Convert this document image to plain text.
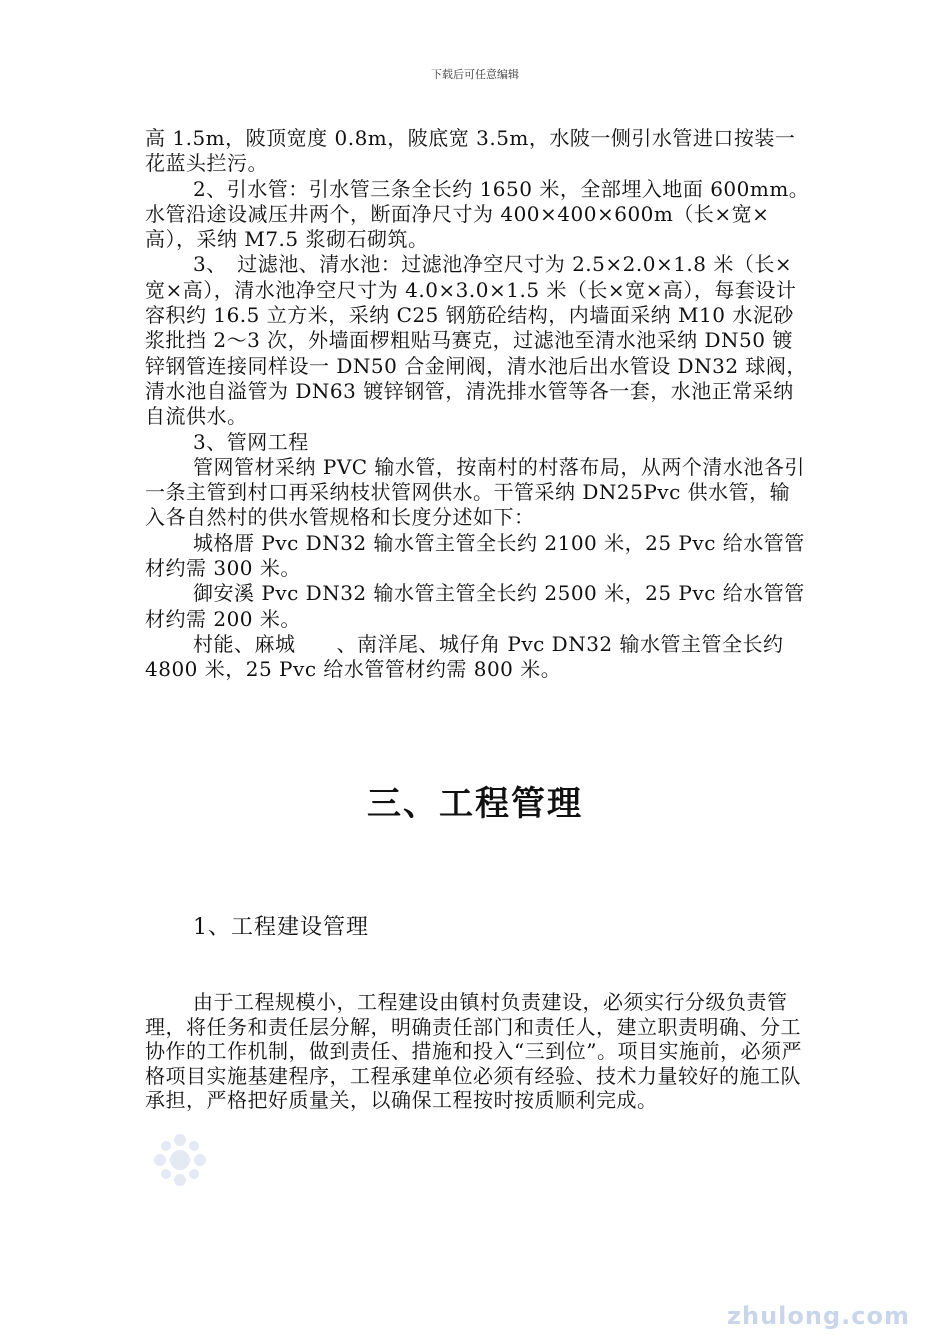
下载后可任意编辑

高 1.5m，陂顶宽度 0.8m，陂底宽 3.5m，水陂一侧引水管进口按装一花蓝头拦污。

2、引水管：引水管三条全长约 1650 米，全部埋入地面 600mm。

水管沿途设减压井两个，断面净尺寸为 400×400×600m（长×宽×高），采纳 M7.5 浆砌石砌筑。

3、　过滤池、清水池：过滤池净空尺寸为 2.5×2.0×1.8 米（长×宽×高），清水池净空尺寸为 4.0×3.0×1.5 米（长×宽×高），每套设计容积约 16.5 立方米，采纳 C25 钢筋砼结构，内墙面采纳 M10 水泥砂浆批挡 2～3 次，外墙面椤粗贴马赛克，过滤池至清水池采纳 DN50 镀锌钢管连接同样设一 DN50 合金闸阀，清水池后出水管设 DN32 球阀，清水池自溢管为 DN63 镀锌钢管，清洗排水管等各一套，水池正常采纳自流供水。

3、管网工程

管网管材采纳 PVC 输水管，按南村的村落布局，从两个清水池各引一条主管到村口再采纳枝状管网供水。干管采纳 DN25Pvc 供水管，输入各自然村的供水管规格和长度分述如下：

城格厝 Pvc DN32 输水管主管全长约 2100 米，25 Pvc 给水管管材约需 300 米。

御安溪 Pvc DN32 输水管主管全长约 2500 米，25 Pvc 给水管管材约需 200 米。

村能、麻城　　、南洋尾、城仔角 Pvc DN32 输水管主管全长约 4800 米，25 Pvc 给水管管材约需 800 米。

三、工程管理
1、工程建设管理

由于工程规模小，工程建设由镇村负责建设，必须实行分级负责管理，将任务和责任层分解，明确责任部门和责任人，建立职责明确、分工协作的工作机制，做到责任、措施和投入“三到位”。项目实施前，必须严格项目实施基建程序，工程承建单位必须有经验、技术力量较好的施工队承担，严格把好质量关，以确保工程按时按质顺利完成。

zhulong.com
